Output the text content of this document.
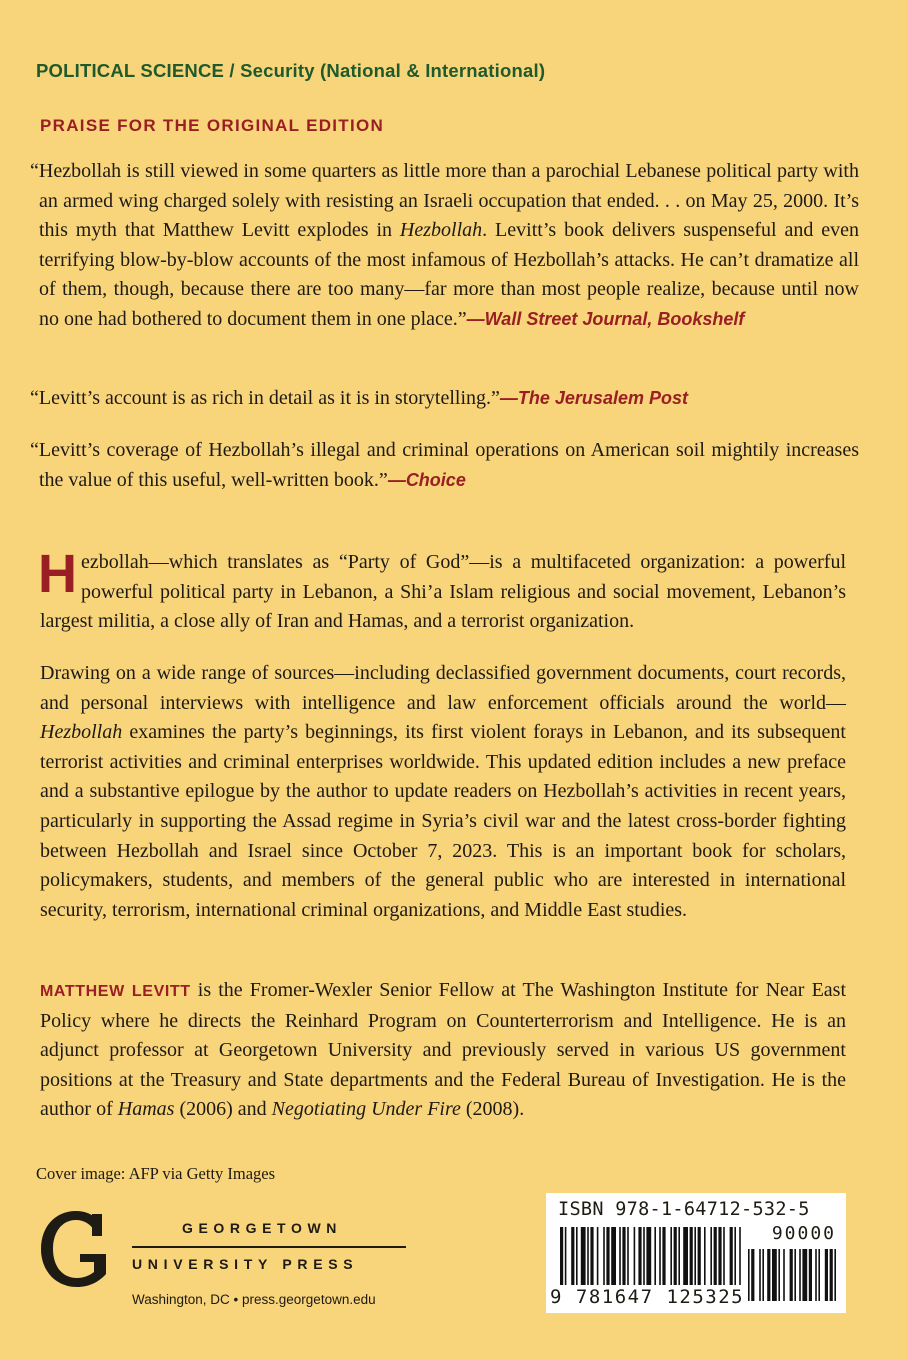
POLITICAL SCIENCE / Security (National & International)
PRAISE FOR THE ORIGINAL EDITION
“Hezbollah is still viewed in some quarters as little more than a parochial Lebanese political party with an armed wing charged solely with resisting an Israeli occupation that ended. . . on May 25, 2000. It’s this myth that Matthew Levitt explodes in Hezbollah. Levitt’s book delivers suspenseful and even terrifying blow-by-blow accounts of the most infamous of Hezbollah’s attacks. He can’t dramatize all of them, though, because there are too many—far more than most people realize, because until now no one had bothered to document them in one place.”—Wall Street Journal, Bookshelf
“Levitt’s account is as rich in detail as it is in storytelling.”—The Jerusalem Post
“Levitt’s coverage of Hezbollah’s illegal and criminal operations on American soil mightily increases the value of this useful, well-written book.”—Choice
Hezbollah—which translates as “Party of God”—is a multifaceted organization: a powerful powerful political party in Lebanon, a Shi’a Islam religious and social movement, Lebanon’s largest militia, a close ally of Iran and Hamas, and a terrorist organization.
Drawing on a wide range of sources—including declassified government documents, court records, and personal interviews with intelligence and law enforcement officials around the world—Hezbollah examines the party’s beginnings, its first violent forays in Lebanon, and its subsequent terrorist activities and criminal enterprises worldwide. This updated edition includes a new preface and a substantive epilogue by the author to update readers on Hezbollah’s activities in recent years, particularly in supporting the Assad regime in Syria’s civil war and the latest cross-border fighting between Hezbollah and Israel since October 7, 2023. This is an important book for scholars, policymakers, students, and members of the general public who are interested in international security, terrorism, international criminal organizations, and Middle East studies.
MATTHEW LEVITT is the Fromer-Wexler Senior Fellow at The Washington Institute for Near East Policy where he directs the Reinhard Program on Counterterrorism and Intelligence. He is an adjunct professor at Georgetown University and previously served in various US government positions at the Treasury and State departments and the Federal Bureau of Investigation. He is the author of Hamas (2006) and Negotiating Under Fire (2008).
Cover image: AFP via Getty Images
GEORGETOWN
UNIVERSITY PRESS
Washington, DC • press.georgetown.edu
ISBN 978-1-64712-532-5
90000
9 781647 125325
